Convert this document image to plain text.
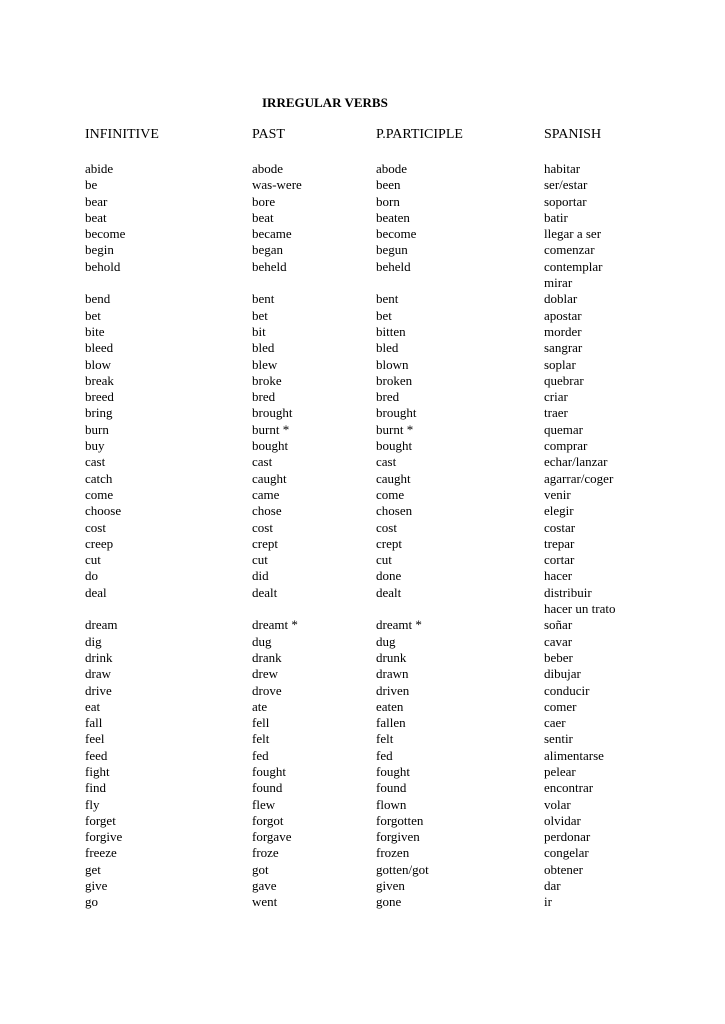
IRREGULAR VERBS
INFINITIVE	PAST	P.PARTICIPLE	SPANISH
abide	abode	abode	habitar
be	was-were	been	ser/estar
bear	bore	born	soportar
beat	beat	beaten	batir
become	became	become	llegar a ser
begin	began	begun	comenzar
behold	beheld	beheld	contemplar
mirar
bend	bent	bent	doblar
bet	bet	bet	apostar
bite	bit	bitten	morder
bleed	bled	bled	sangrar
blow	blew	blown	soplar
break	broke	broken	quebrar
breed	bred	bred	criar
bring	brought	brought	traer
burn	burnt *	burnt *	quemar
buy	bought	bought	comprar
cast	cast	cast	echar/lanzar
catch	caught	caught	agarrar/coger
come	came	come	venir
choose	chose	chosen	elegir
cost	cost	cost	costar
creep	crept	crept	trepar
cut	cut	cut	cortar
do	did	done	hacer
deal	dealt	dealt	distribuir
hacer un trato
dream	dreamt *	dreamt *	soñar
dig	dug	dug	cavar
drink	drank	drunk	beber
draw	drew	drawn	dibujar
drive	drove	driven	conducir
eat	ate	eaten	comer
fall	fell	fallen	caer
feel	felt	felt	sentir
feed	fed	fed	alimentarse
fight	fought	fought	pelear
find	found	found	encontrar
fly	flew	flown	volar
forget	forgot	forgotten	olvidar
forgive	forgave	forgiven	perdonar
freeze	froze	frozen	congelar
get	got	gotten/got	obtener
give	gave	given	dar
go	went	gone	ir
